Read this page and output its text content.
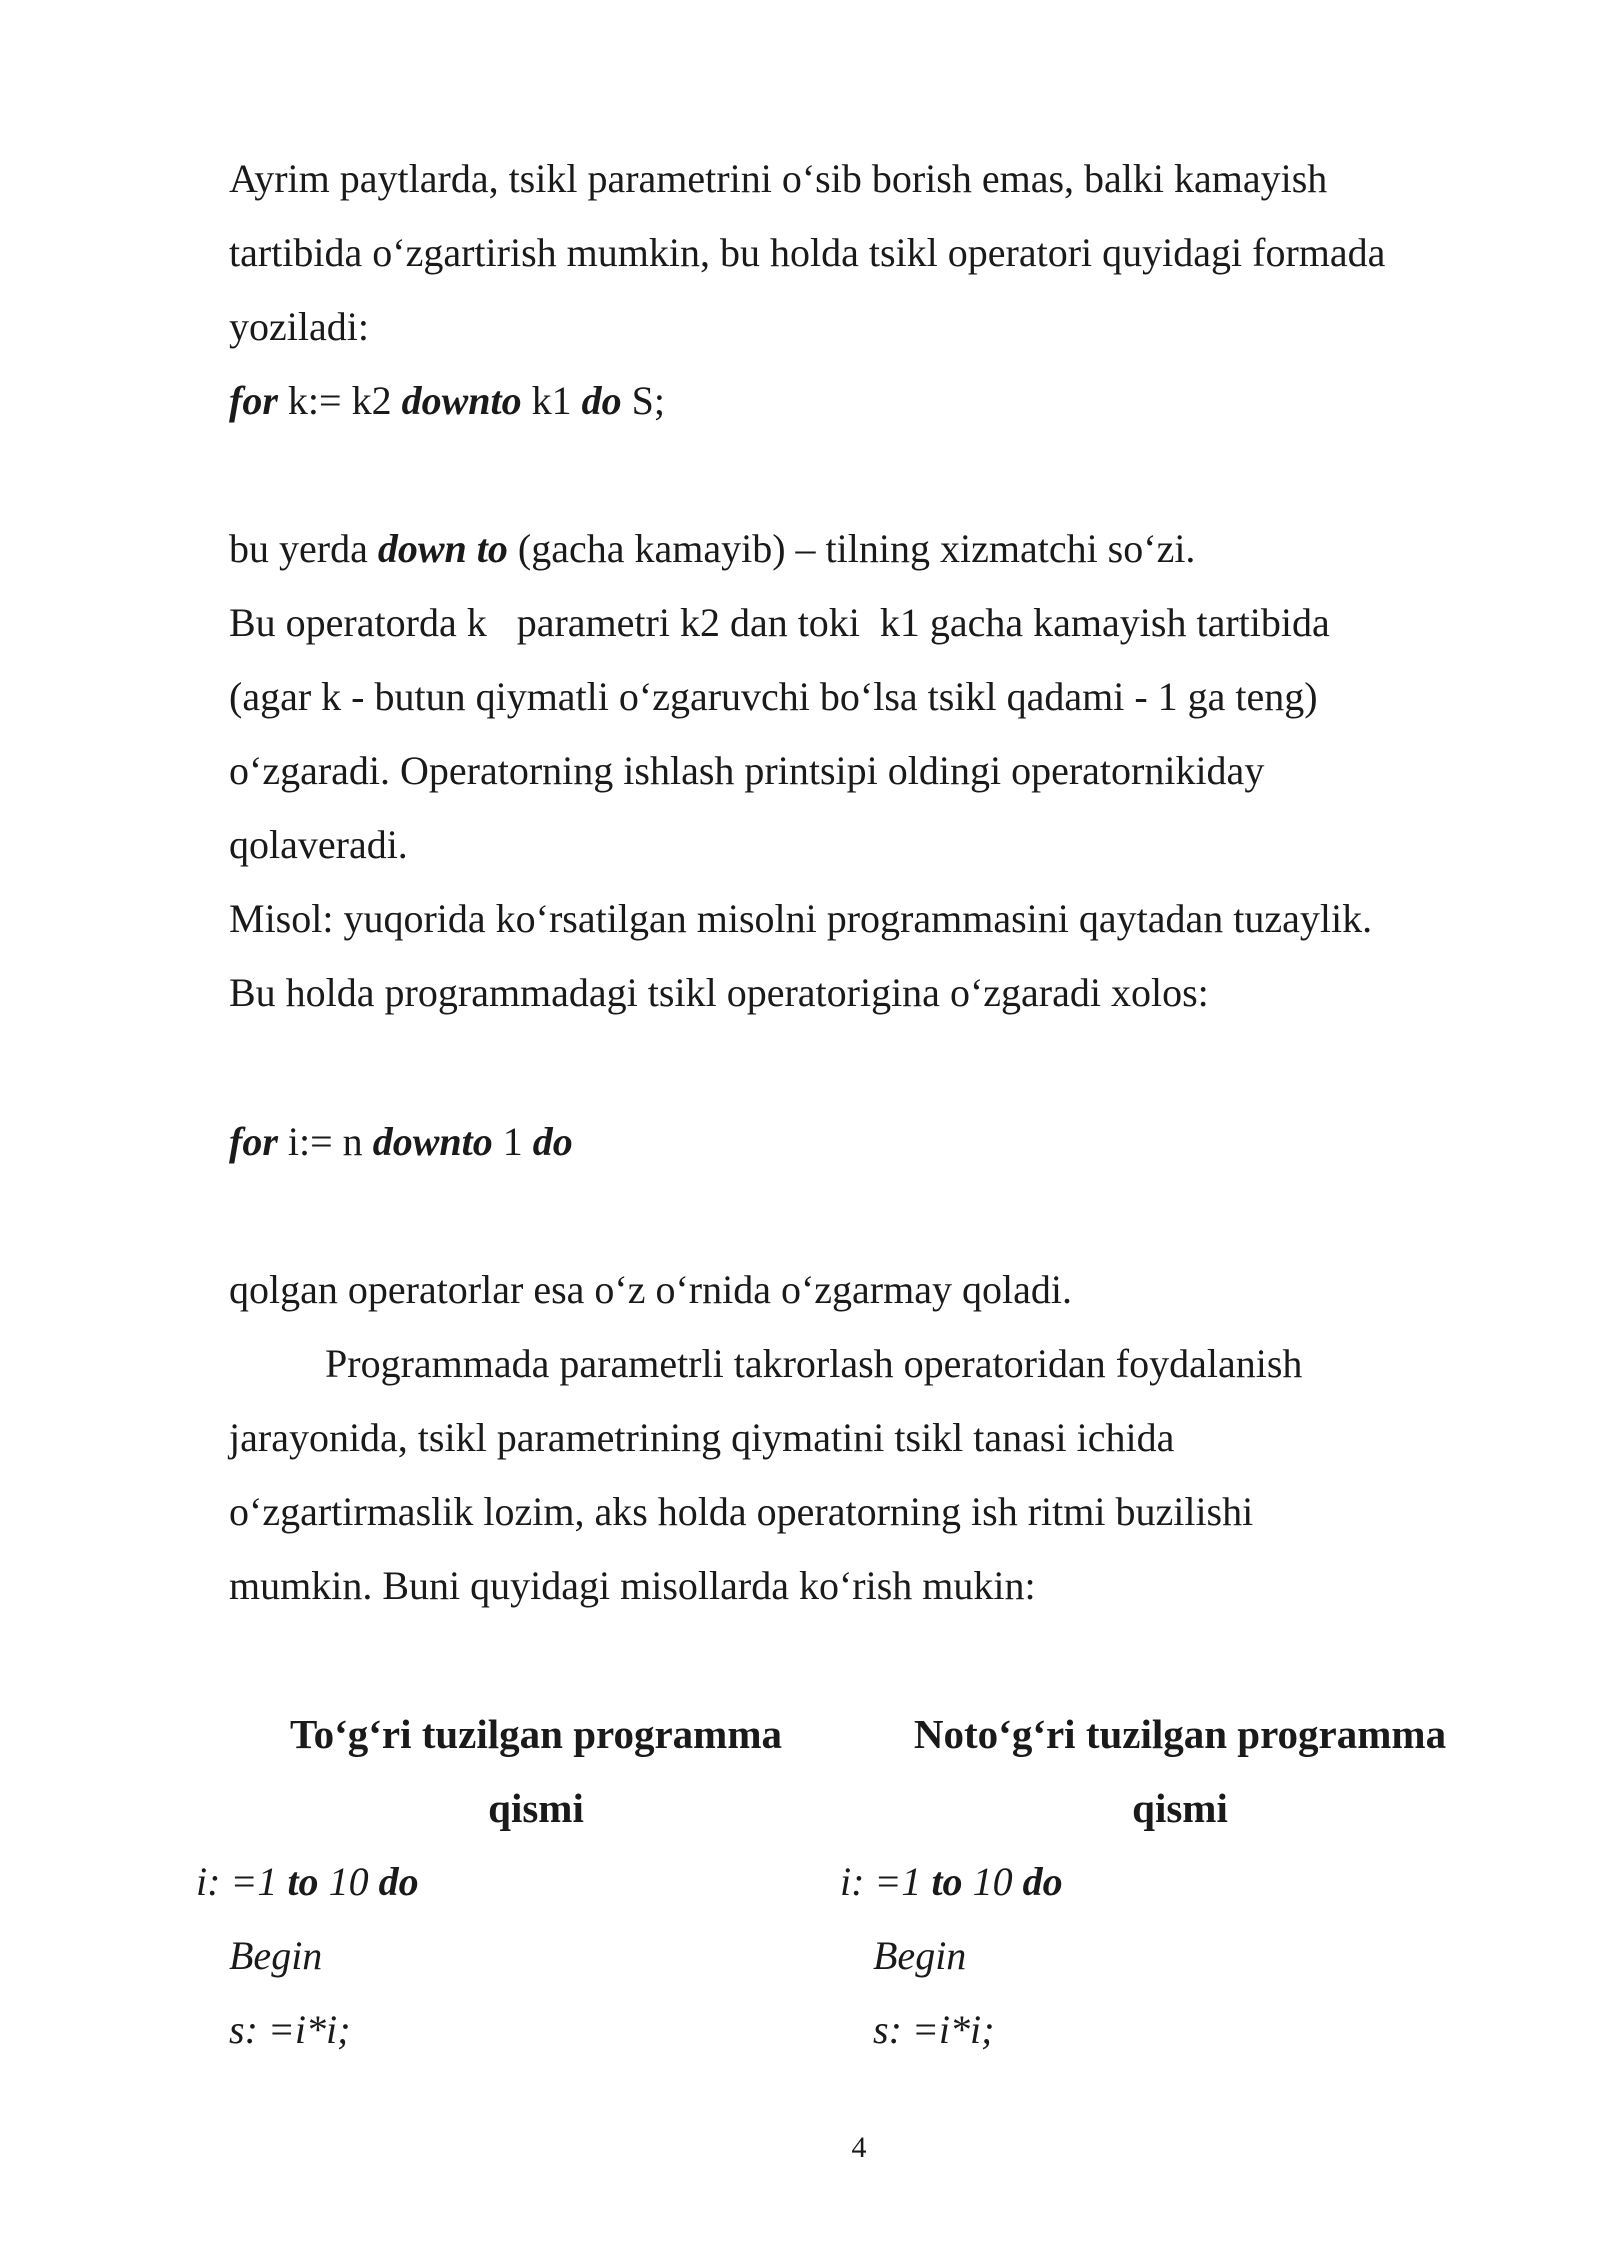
Ayrim paytlarda, tsikl parametrini o‘sib borish emas, balki kamayish
tartibida o‘zgartirish mumkin, bu holda tsikl operatori quyidagi formada
yoziladi:
for k:= k2 downto k1 do S;
bu yerda down to (gacha kamayib) – tilning xizmatchi so‘zi.
Bu operatorda k   parametri k2 dan toki  k1 gacha kamayish tartibida
(agar k - butun qiymatli o‘zgaruvchi bo‘lsa tsikl qadami - 1 ga teng)
o‘zgaradi. Operatorning ishlash printsipi oldingi operatornikiday
qolaveradi.
Misol: yuqorida ko‘rsatilgan misolni programmasini qaytadan tuzaylik.
Bu holda programmadagi tsikl operatorigina o‘zgaradi xolos:
for i:= n downto 1 do
qolgan operatorlar esa o‘z o‘rnida o‘zgarmay qoladi.
Programmada parametrli takrorlash operatoridan foydalanish
jarayonida, tsikl parametrining qiymatini tsikl tanasi ichida
o‘zgartirmaslik lozim, aks holda operatorning ish ritmi buzilishi
mumkin. Buni quyidagi misollarda ko‘rish mukin:
To‘g‘ri tuzilgan programma
qismi
i: =1 to 10 do
Begin
s: =i*i;
Noto‘g‘ri tuzilgan programma
qismi
i: =1 to 10 do
Begin
s: =i*i;
4
